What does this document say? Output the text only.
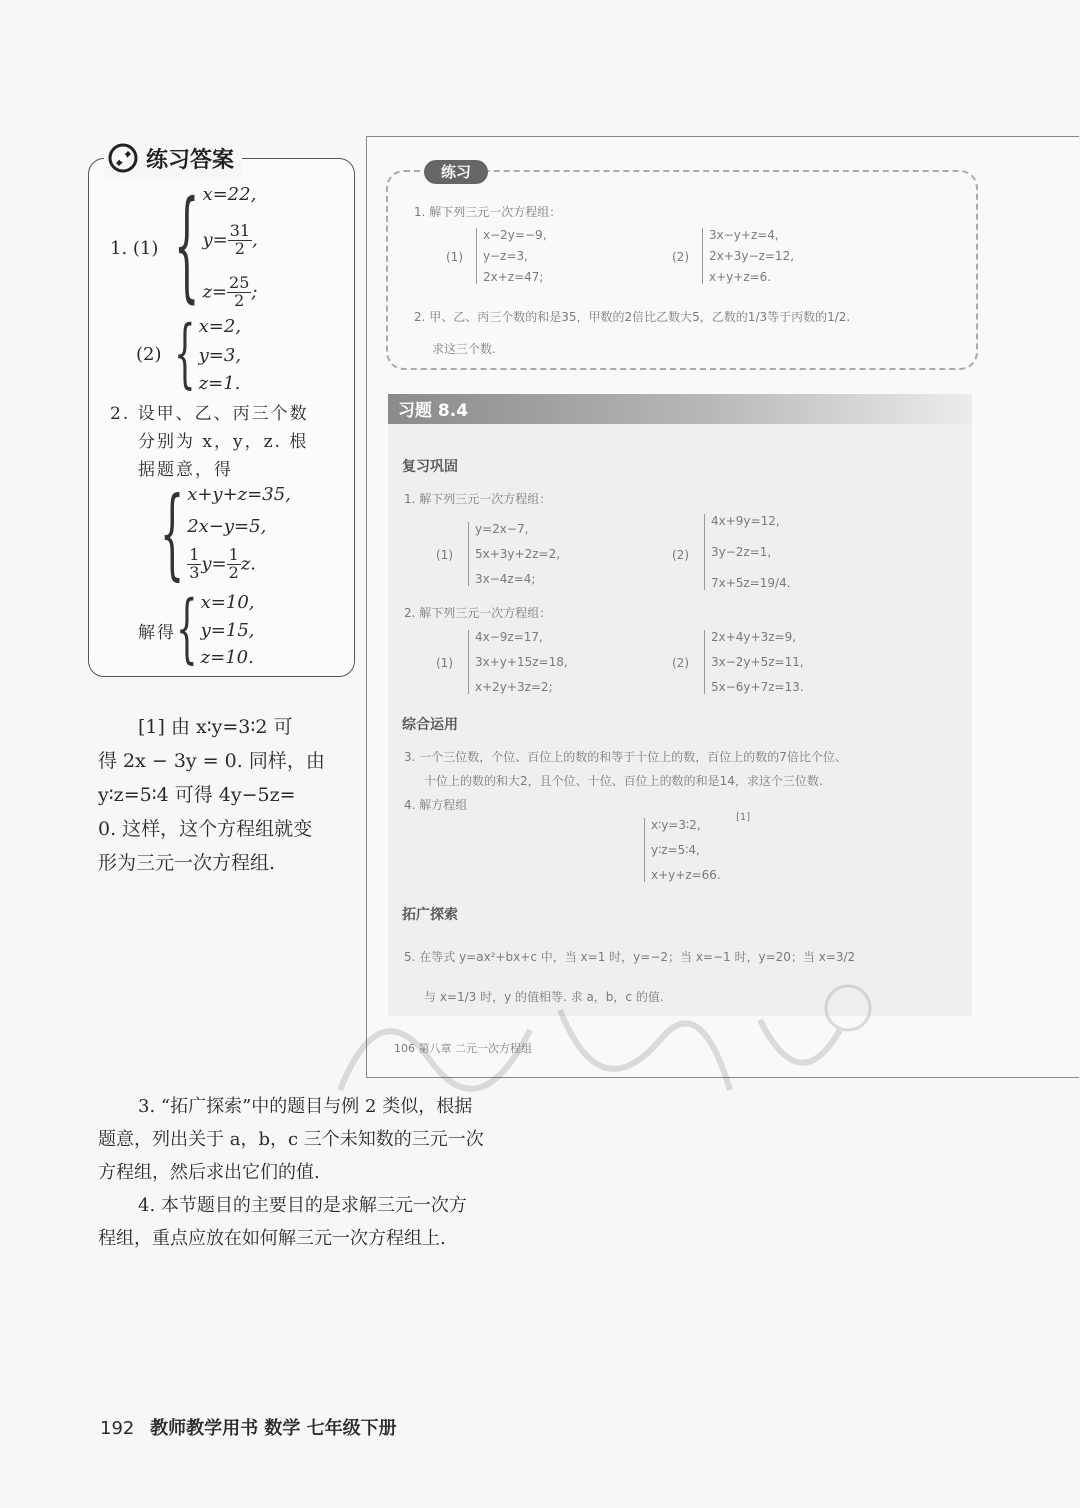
练习答案
1. (1) { x=22,
$y= \frac{31}{2}$ ,
$z= \frac{25}{2}$ ;
(2) { x=2,
y=3,
z=1.
2. 设甲、乙、丙三个数
分别为 x，y，z. 根
据题意，得
{ x+y+z=35,
2x−y=5,
$\frac{1}{3} y= \frac{1}{2} z$.
解得 { x=10,
y=15,
z=10.
[1] 由 x∶y=3∶2 可
得 2x − 3y = 0. 同样，由
y∶z=5∶4 可得 4y−5z=
0. 这样，这个方程组就变
形为三元一次方程组.
练习
1. 解下列三元一次方程组：
(1)
x−2y=−9,
y−z=3,
2x+z=47;
(2)
3x−y+z=4,
2x+3y−z=12,
x+y+z=6.
2. 甲、乙、丙三个数的和是35，甲数的2倍比乙数大5，乙数的1/3等于丙数的1/2.
求这三个数.
习题 8.4
复习巩固
1. 解下列三元一次方程组：
(1)
y=2x−7,
5x+3y+2z=2,
3x−4z=4;
(2)
4x+9y=12,
3y−2z=1,
7x+5z=19/4.
2. 解下列三元一次方程组：
(1)
4x−9z=17,
3x+y+15z=18,
x+2y+3z=2;
(2)
2x+4y+3z=9,
3x−2y+5z=11,
5x−6y+7z=13.
综合运用
3. 一个三位数，个位、百位上的数的和等于十位上的数，百位上的数的7倍比个位、
十位上的数的和大2，且个位、十位、百位上的数的和是14，求这个三位数.
4. 解方程组
x∶y=3∶2,
y∶z=5∶4,
x+y+z=66.
[1]
拓广探索
5. 在等式 y=ax²+bx+c 中，当 x=1 时，y=−2；当 x=−1 时，y=20；当 x=3/2
与 x=1/3 时，y 的值相等. 求 a，b，c 的值.
106 第八章 二元一次方程组
3. “拓广探索”中的题目与例 2 类似，根据
题意，列出关于 a，b，c 三个未知数的三元一次
方程组，然后求出它们的值.
4. 本节题目的主要目的是求解三元一次方
程组，重点应放在如何解三元一次方程组上.
192 教师教学用书 数学 七年级下册
